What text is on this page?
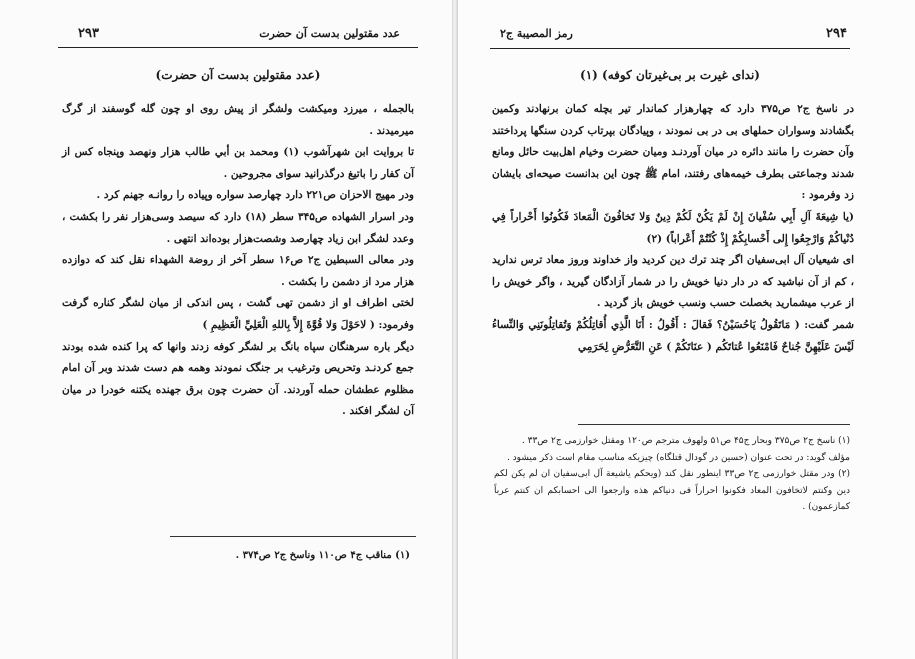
۲۹۳	عدد مقتولین بدست آن حضرت
(عدد مقتولین بدست آن حضرت)

بالجمله ، میرزد ومیکشت ولشگر از پیش روی او چون گله گوسفند از گرگ میرمیدند .

تا بروایت ابن شهرآشوب (۱) ومحمد بن أبي طالب هزار ونهصد وپنجاه کس از آن کفار را باتیغ درگذرانید سوای مجروحین .

ودر مهیج الاحزان ص۲۲۱ دارد چهارصد سواره وپیاده را روانـه جهنم کرد .

ودر اسرار الشهاده ص۳۴۵ سطر (۱۸) دارد که سیصد وسی‌هزار نفر را بکشت ، وعدد لشگر ابن زیاد چهارصد وشصت‌هزار بوده‌اند انتهی .

ودر معالی السبطین ج۲ ص۱۶ سطر آخر از روضة الشهداء نقل کند که دوازده هزار مرد از دشمن را بکشت .

لختی اطراف او از دشمن تهی گشت ، پس اندکی از میان لشگر کناره گرفت وفرمود: ( لاحَوْلَ وَلا قُوَّةَ إِلاَّ بِاللهِ الْعَلِيِّ الْعَظِيمِ )

دیگر باره سرهنگان سپاه بانگ بر لشگر کوفه زدند وانها که پرا کنده شده بودند جمع کردنـد وتحریص وترغیب بر جنگک نمودند وهمه هم دست شدند وبر آن امام مظلوم عطشان حمله آوردند. آن حضرت چون برق جهنده یکتنه خودرا در میان آن لشگر افکند .

(۱) مناقب ج۴ ص۱۱۰ وناسخ ج۲ ص۳۷۴ .
رمز المصیبة ج۲	۲۹۴
(ندای غیرت بر بی‌غیرتان کوفه) (۱)

در ناسخ ج۲ ص۳۷۵ دارد که چهارهزار کماندار تیر بچله کمان برنهادند وکمین بگشادند وسواران حملهای بی در بی نمودند ، وپیادگان بپرتاب کردن سنگها پرداختند وآن حضرت را مانند دائره در میان آوردنـد ومیان حضرت وخیام اهل‌بیت حائل ومانع شدند وجماعتی بطرف خیمه‌های رفتند، امام ﷺ چون این بدانست صیحه‌ای بایشان زد وفرمود :

(یا شِیعَةَ آلِ أَبِي سُفْیانَ إِنْ لَمْ یَکُنْ لَکُمْ دِینٌ وَلا تَخافُونَ الْمَعادَ فَکُونُوا أَحْراراً فِي دُنْیاکُمْ وَارْجِعُوا إِلی أَحْسابِکُمْ إِذْ کُنْتُمْ أَعْراباً) (۲)

ای شیعیان آل ابی‌سفیان اگر چند ترك دین کردید واز خداوند وروز معاد ترس ندارید ، کم از آن نباشید که در دار دنیا خویش را در شمار آزادگان گیرید ، واگر خویش را از عرب میشمارید بخصلت حسب ونسب خویش باز گردید .

شمر گفت: ( مَاتَقُولُ یَاحُسَیْنُ؟ فَقالَ : أَقُولُ : أَنَا الَّذِي أُقاتِلُکُمْ وَتُقاتِلُونَنِي وَالنِّساءُ لَیْسَ عَلَیْهِنَّ جُناحٌ فَامْنَعُوا عُتاتَکُم ( عنَاتَکُمْ ) عَنِ التَّعَرُّضِ لِحَرَمِي

(۱) ناسخ ج۲ ص۳۷۵ وبحار ج۴۵ ص۵۱ ولهوف مترجم ص۱۲۰ ومقتل خوارزمی ج۲ ص۳۳ .

مؤلف گوید: در تحت عنوان (حسین در گودال قتلگاه) چیزیکه مناسب مقام است ذکر میشود .

(۲) ودر مقتل خوارزمی ج۲ ص۳۳ اینطور نقل کند (ویحکم یاشیعة آل ابی‌سفیان ان لم یکن لکم دین وکنتم لاتخافون المعاد فکونوا احراراً فی دنیاکم هذه وارجعوا الی احسابکم ان کنتم عرباً کمازعمون) .
